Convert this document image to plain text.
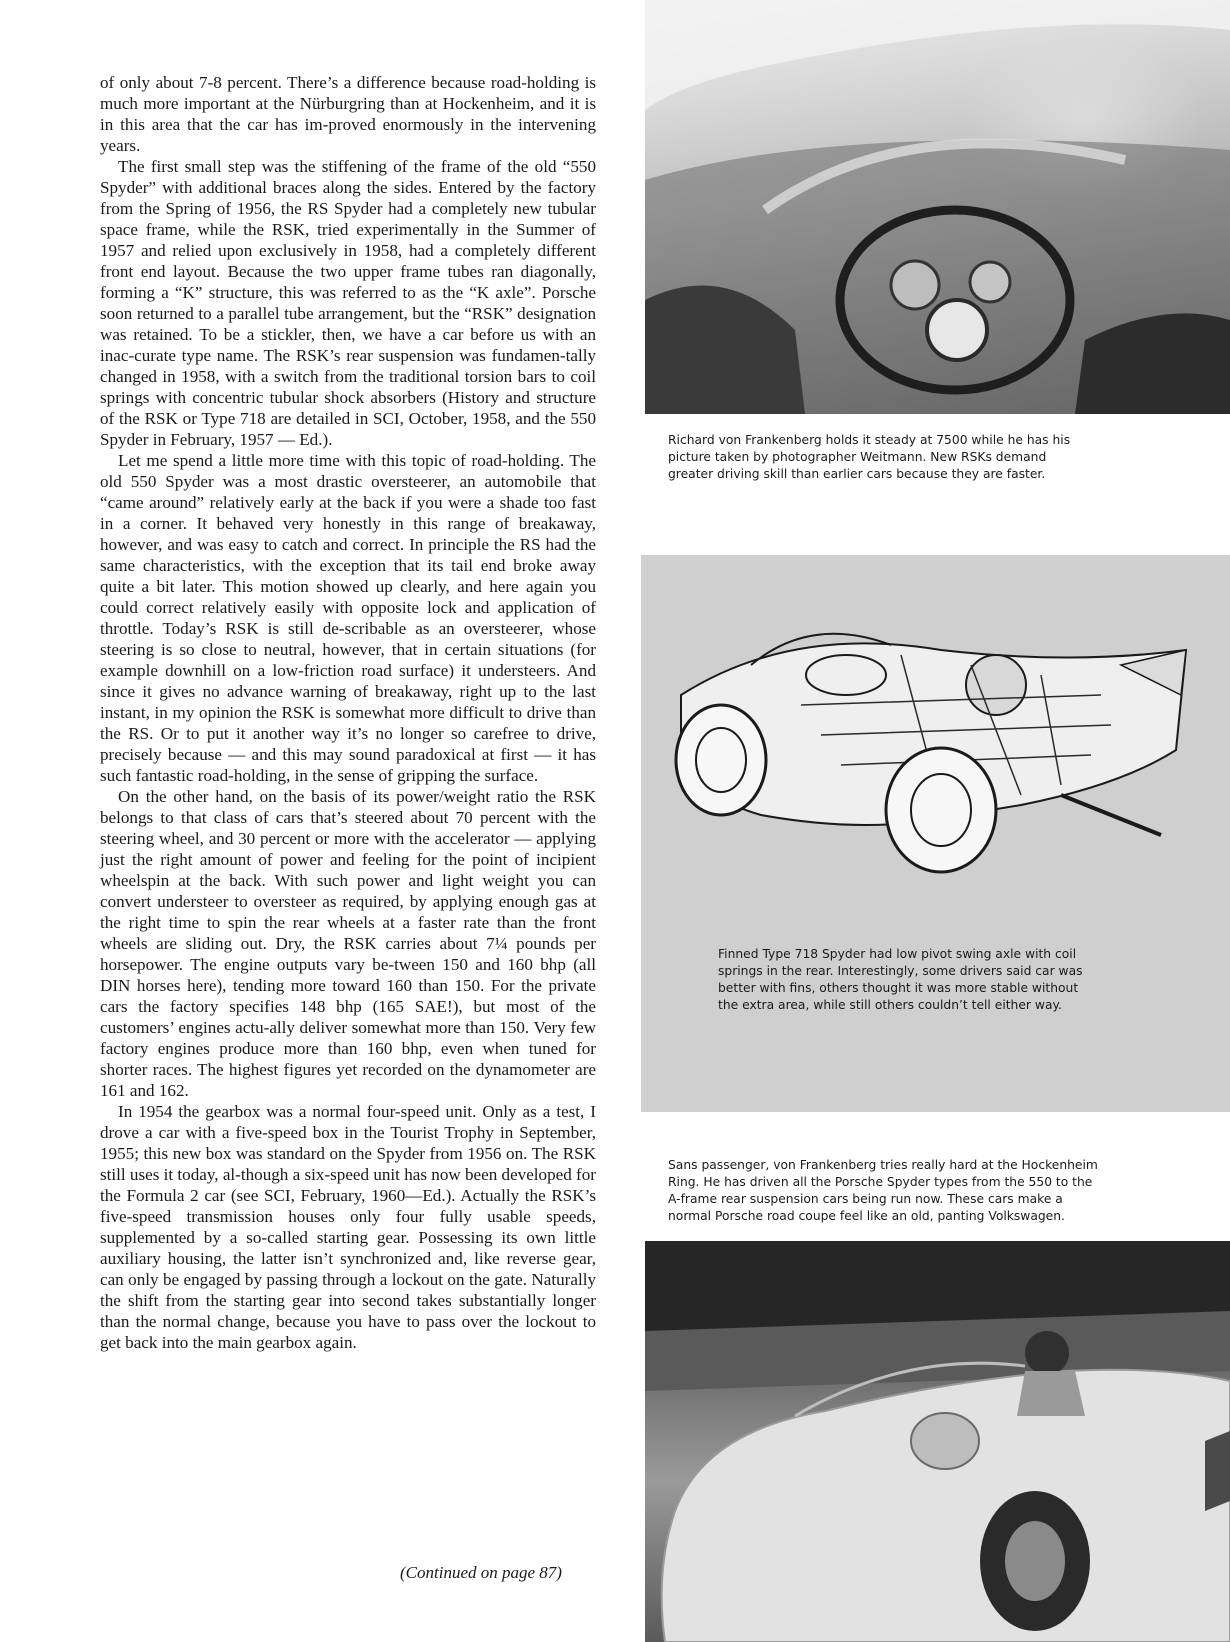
of only about 7-8 percent. There’s a difference because road-holding is much more important at the Nürburgring than at Hockenheim, and it is in this area that the car has im-proved enormously in the intervening years.

The first small step was the stiffening of the frame of the old “550 Spyder” with additional braces along the sides. Entered by the factory from the Spring of 1956, the RS Spyder had a completely new tubular space frame, while the RSK, tried experimentally in the Summer of 1957 and relied upon exclusively in 1958, had a completely different front end layout. Because the two upper frame tubes ran diagonally, forming a “K” structure, this was referred to as the “K axle”. Porsche soon returned to a parallel tube arrangement, but the “RSK” designation was retained. To be a stickler, then, we have a car before us with an inac-curate type name. The RSK’s rear suspension was fundamen-tally changed in 1958, with a switch from the traditional torsion bars to coil springs with concentric tubular shock absorbers (History and structure of the RSK or Type 718 are detailed in SCI, October, 1958, and the 550 Spyder in February, 1957 — Ed.).

Let me spend a little more time with this topic of road-holding. The old 550 Spyder was a most drastic oversteerer, an automobile that “came around” relatively early at the back if you were a shade too fast in a corner. It behaved very honestly in this range of breakaway, however, and was easy to catch and correct. In principle the RS had the same characteristics, with the exception that its tail end broke away quite a bit later. This motion showed up clearly, and here again you could correct relatively easily with opposite lock and application of throttle. Today’s RSK is still de-scribable as an oversteerer, whose steering is so close to neutral, however, that in certain situations (for example downhill on a low-friction road surface) it understeers. And since it gives no advance warning of breakaway, right up to the last instant, in my opinion the RSK is somewhat more difficult to drive than the RS. Or to put it another way it’s no longer so carefree to drive, precisely because — and this may sound paradoxical at first — it has such fantastic road-holding, in the sense of gripping the surface.

On the other hand, on the basis of its power/weight ratio the RSK belongs to that class of cars that’s steered about 70 percent with the steering wheel, and 30 percent or more with the accelerator — applying just the right amount of power and feeling for the point of incipient wheelspin at the back. With such power and light weight you can convert understeer to oversteer as required, by applying enough gas at the right time to spin the rear wheels at a faster rate than the front wheels are sliding out. Dry, the RSK carries about 7¼ pounds per horsepower. The engine outputs vary be-tween 150 and 160 bhp (all DIN horses here), tending more toward 160 than 150. For the private cars the factory specifies 148 bhp (165 SAE!), but most of the customers’ engines actu-ally deliver somewhat more than 150. Very few factory engines produce more than 160 bhp, even when tuned for shorter races. The highest figures yet recorded on the dynamometer are 161 and 162.

In 1954 the gearbox was a normal four-speed unit. Only as a test, I drove a car with a five-speed box in the Tourist Trophy in September, 1955; this new box was standard on the Spyder from 1956 on. The RSK still uses it today, al-though a six-speed unit has now been developed for the Formula 2 car (see SCI, February, 1960—Ed.). Actually the RSK’s five-speed transmission houses only four fully usable speeds, supplemented by a so-called starting gear. Possessing its own little auxiliary housing, the latter isn’t synchronized and, like reverse gear, can only be engaged by passing through a lockout on the gate. Naturally the shift from the starting gear into second takes substantially longer than the normal change, because you have to pass over the lockout to get back into the main gearbox again.

(Continued on page 87)
Richard von Frankenberg holds it steady at 7500 while he has his
picture taken by photographer Weitmann. New RSKs demand
greater driving skill than earlier cars because they are faster.
Finned Type 718 Spyder had low pivot swing axle with coil
springs in the rear. Interestingly, some drivers said car was
better with fins, others thought it was more stable without
the extra area, while still others couldn’t tell either way.
Sans passenger, von Frankenberg tries really hard at the Hockenheim
Ring. He has driven all the Porsche Spyder types from the 550 to the
A-frame rear suspension cars being run now. These cars make a
normal Porsche road coupe feel like an old, panting Volkswagen.
